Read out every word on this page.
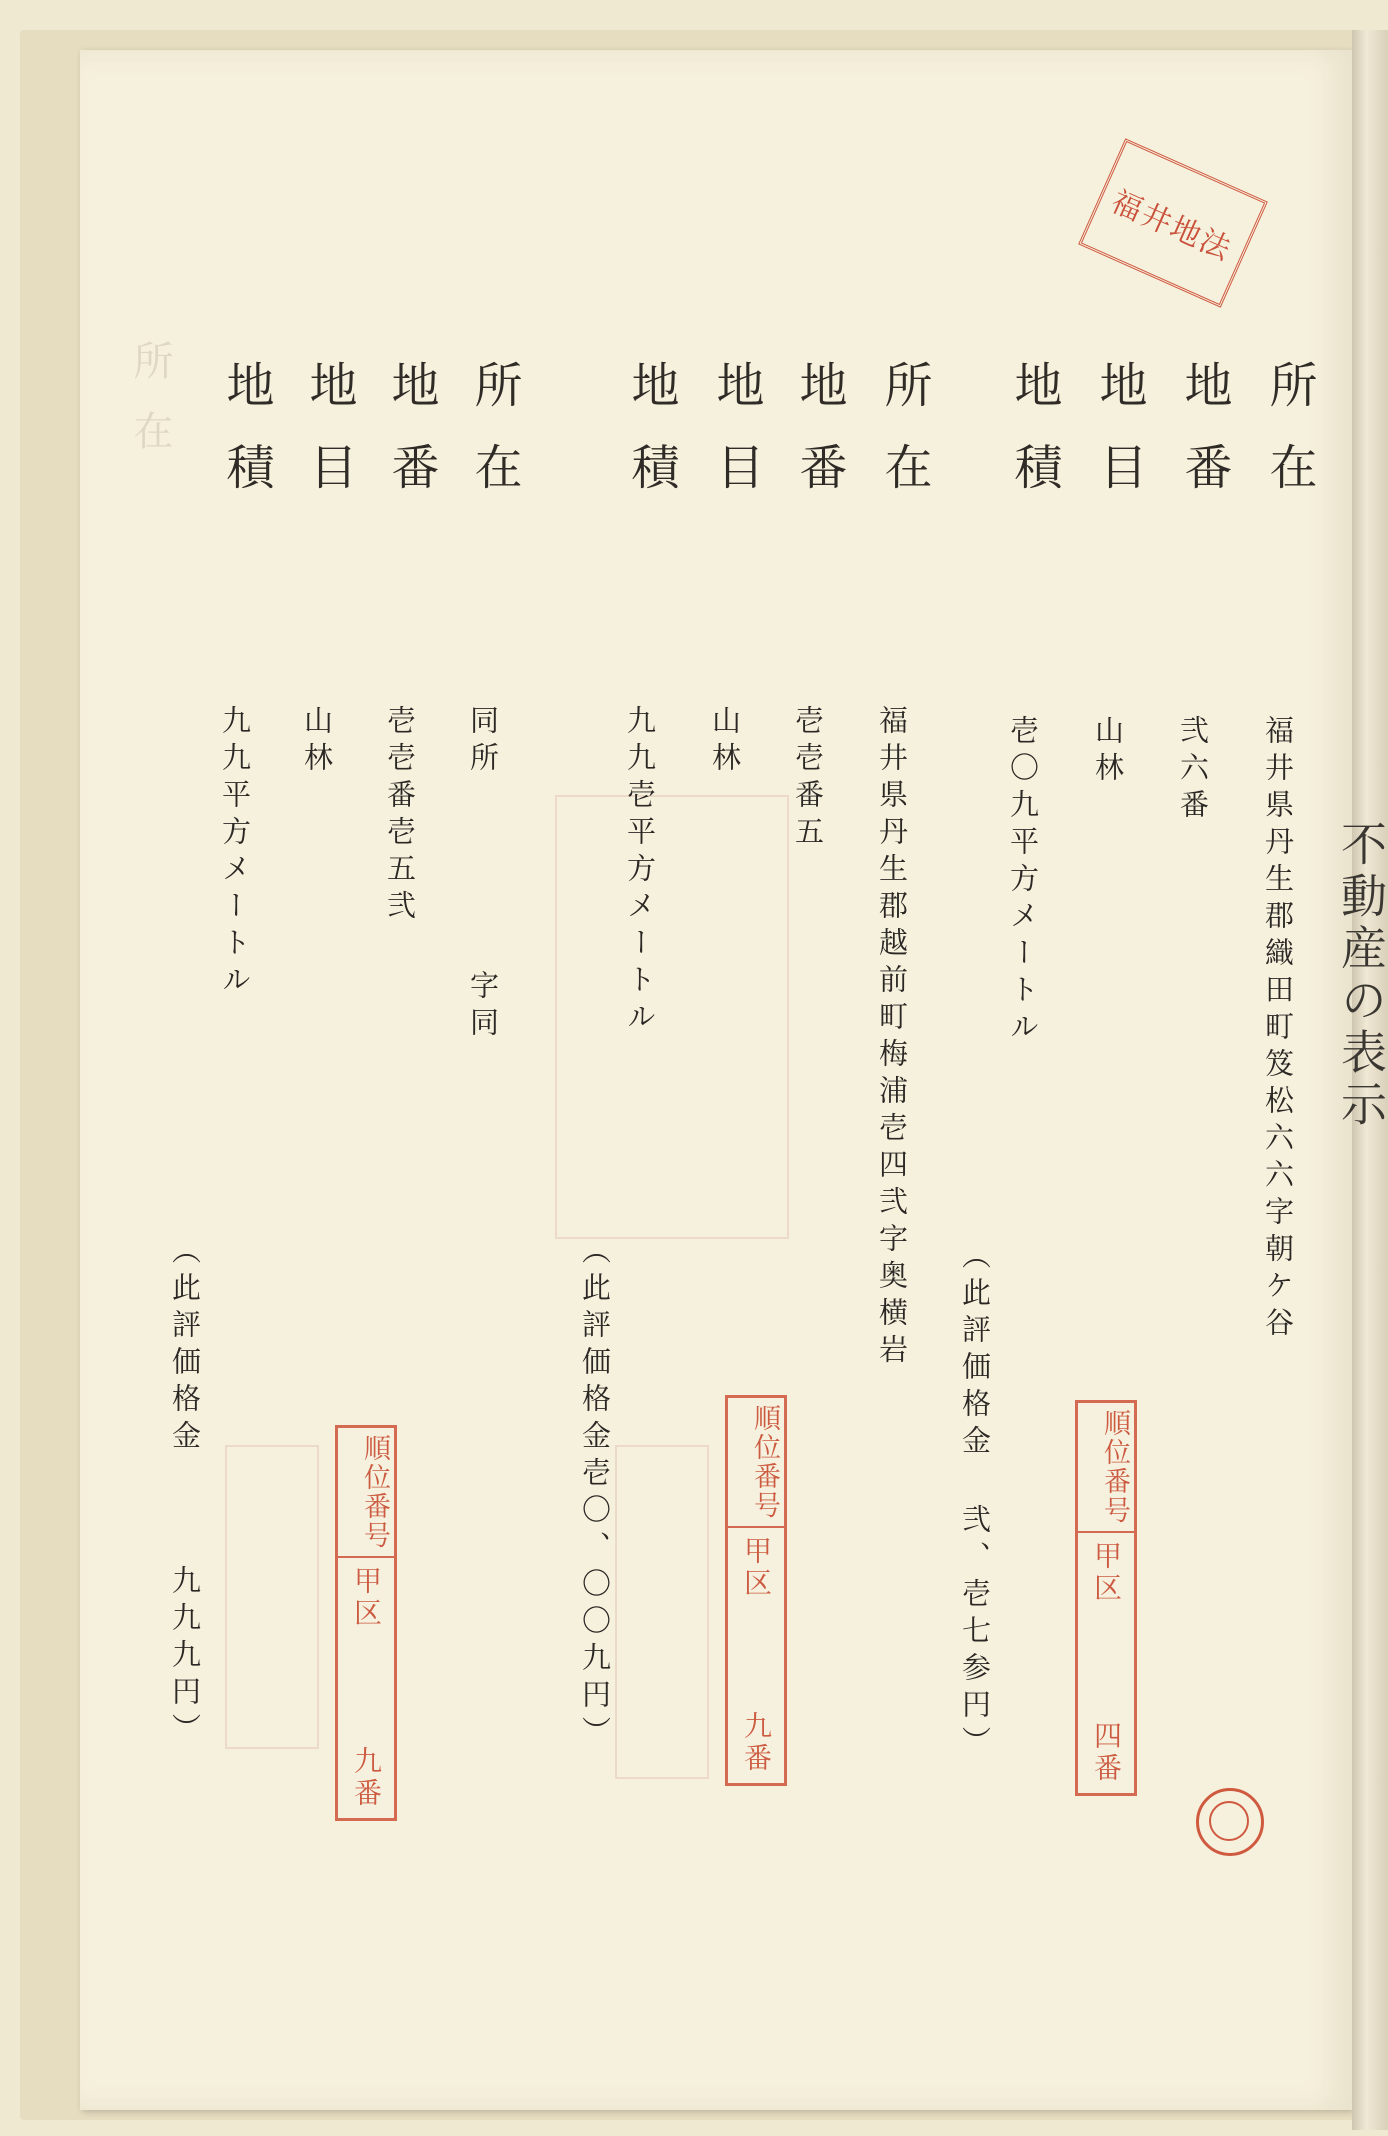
所在
不動産の表示
福井地法
所在
地番
地目
地積
所在
地番
地目
地積
所在
地番
地目
地積
福井県丹生郡織田町笈松六六字朝ケ谷
弐六番
山林
壱〇九平方メートル
（此評価格金 弐、壱七参円）
福井県丹生郡越前町梅浦壱四弐字奥横岩
壱壱番五
山林
九九壱平方メートル
（此評価格金壱〇、〇〇九円）
同所
字同
壱壱番壱五弐
山林
九九平方メートル
（此評価格金
九九九円）
順位番号
甲区
四
番
順位番号
甲区
九
番
順位番号
甲区
九
番
